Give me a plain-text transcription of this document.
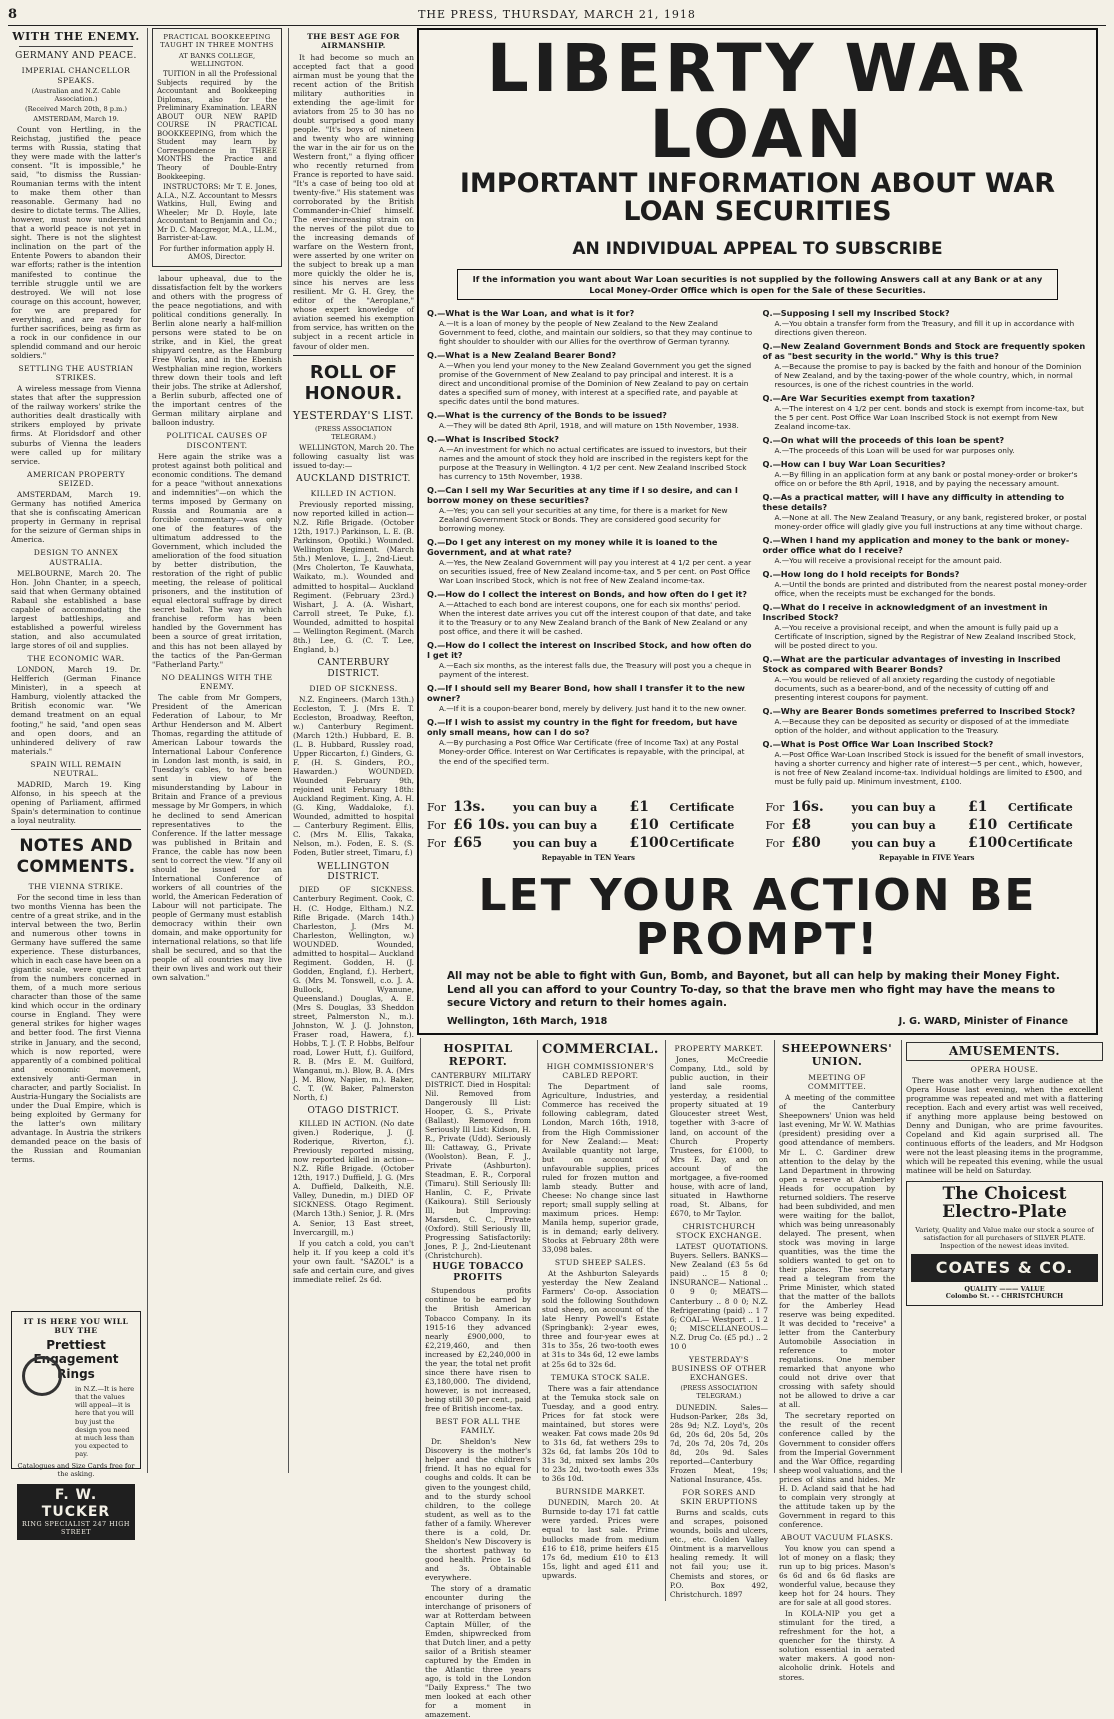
8	THE PRESS, THURSDAY, MARCH 21, 1918
WITH THE ENEMY.
GERMANY AND PEACE.
IMPERIAL CHANCELLOR SPEAKS.
(Australian and N.Z. Cable Association.)
(Received March 20th, 8 p.m.)
AMSTERDAM, March 19.

Count von Hertling, in the Reichstag, justified the peace terms with Russia, stating that they were made with the latter's consent. "It is impossible," he said, "to dismiss the Russian-Roumanian terms with the intent to make them other than reasonable. Germany had no desire to dictate terms. The Allies, however, must now understand that a world peace is not yet in sight. There is not the slightest inclination on the part of the Entente Powers to abandon their war efforts; rather is the intention manifested to continue the terrible struggle until we are destroyed. We will not lose courage on this account, however, for we are prepared for everything, and are ready for further sacrifices, being as firm as a rock in our confidence in our splendid command and our heroic soldiers."

SETTLING THE AUSTRIAN STRIKES.

A wireless message from Vienna states that after the suppression of the railway workers' strike the authorities dealt drastically with strikers employed by private firms. At Floridsdorf and other suburbs of Vienna the leaders were called up for military service.

AMERICAN PROPERTY SEIZED.

AMSTERDAM, March 19. Germany has notified America that she is confiscating American property in Germany in reprisal for the seizure of German ships in America.

DESIGN TO ANNEX AUSTRALIA.

MELBOURNE, March 20. The Hon. John Chanter, in a speech, said that when Germany obtained Rabaul she established a base capable of accommodating the largest battleships, and established a powerful wireless station, and also accumulated large stores of oil and supplies.

THE ECONOMIC WAR.

LONDON, March 19. Dr. Helfferich (German Finance Minister), in a speech at Hamburg, violently attacked the British economic war. "We demand treatment on an equal footing," he said, "and open seas and open doors, and an unhindered delivery of raw materials."

SPAIN WILL REMAIN NEUTRAL.

MADRID, March 19. King Alfonso, in his speech at the opening of Parliament, affirmed Spain's determination to continue a loyal neutrality.

NOTES AND COMMENTS.
THE VIENNA STRIKE.

For the second time in less than two months Vienna has been the centre of a great strike, and in the interval between the two, Berlin and numerous other towns in Germany have suffered the same experience. These disturbances, which in each case have been on a gigantic scale, were quite apart from the numbers concerned in them, of a much more serious character than those of the same kind which occur in the ordinary course in England. They were general strikes for higher wages and better food. The first Vienna strike in January, and the second, which is now reported, were apparently of a combined political and economic movement, extensively anti-German in character, and partly Socialist. In Austria-Hungary the Socialists are under the Dual Empire, which is being exploited by Germany for the latter's own military advantage. In Austria the strikers demanded peace on the basis of the Russian and Roumanian terms.

IT IS HERE YOU WILL BUY THE
Prettiest Engagement Rings
in N.Z.—It is here that the values will appeal—it is here that you will buy just the design you need at much less than you expected to pay.
Catalogues and Size Cards free for the asking.
F. W. TUCKER
RING SPECIALIST 247 HIGH STREET
PRACTICAL BOOKKEEPING TAUGHT IN THREE MONTHS
AT BANKS COLLEGE, WELLINGTON.

TUITION in all the Professional Subjects required by the Accountant and Bookkeeping Diplomas, also for the Preliminary Examination. LEARN ABOUT OUR NEW RAPID COURSE IN PRACTICAL BOOKKEEPING, from which the Student may learn by Correspondence in THREE MONTHS the Practice and Theory of Double-Entry Bookkeeping.

INSTRUCTORS: Mr T. E. Jones, A.I.A., N.Z. Accountant to Messrs Watkins, Hull, Ewing and Wheeler; Mr D. Hoyle, late Accountant to Benjamin and Co.; Mr D. C. Macgregor, M.A., LL.M., Barrister-at-Law.

For further information apply H. AMOS, Director.

labour upheaval, due to the dissatisfaction felt by the workers and others with the progress of the peace negotiations, and with political conditions generally. In Berlin alone nearly a half-million persons were stated to be on strike, and in Kiel, the great shipyard centre, as the Hamburg Free Works, and in the Ebenish Westphalian mine region, workers threw down their tools and left their jobs. The strike at Adlershof, a Berlin suburb, affected one of the important centres of the German military airplane and balloon industry.

POLITICAL CAUSES OF DISCONTENT.

Here again the strike was a protest against both political and economic conditions. The demand for a peace "without annexations and indemnities"—on which the terms imposed by Germany on Russia and Roumania are a forcible commentary—was only one of the features of the ultimatum addressed to the Government, which included the amelioration of the food situation by better distribution, the restoration of the right of public meeting, the release of political prisoners, and the institution of equal electoral suffrage by direct secret ballot. The way in which franchise reform has been handled by the Government has been a source of great irritation, and this has not been allayed by the tactics of the Pan-German "Fatherland Party."

NO DEALINGS WITH THE ENEMY.

The cable from Mr Gompers, President of the American Federation of Labour, to Mr Arthur Henderson and M. Albert Thomas, regarding the attitude of American Labour towards the International Labour Conference in London last month, is said, in Tuesday's cables, to have been sent in view of the misunderstanding by Labour in Britain and France of a previous message by Mr Gompers, in which he declined to send American representatives to the Conference. If the latter message was published in Britain and France, the cable has now been sent to correct the view. "If any oil should be issued for an International Conference of workers of all countries of the world, the American Federation of Labour will not participate. The people of Germany must establish democracy within their own domain, and make opportunity for international relations, so that life shall be secured, and so that the people of all countries may live their own lives and work out their own salvation."

THE BEST AGE FOR AIRMANSHIP.

It had become so much an accepted fact that a good airman must be young that the recent action of the British military authorities in extending the age-limit for aviators from 25 to 30 has no doubt surprised a good many people. "It's boys of nineteen and twenty who are winning the war in the air for us on the Western front," a flying officer who recently returned from France is reported to have said. "It's a case of being too old at twenty-five." His statement was corroborated by the British Commander-in-Chief himself. The ever-increasing strain on the nerves of the pilot due to the increasing demands of warfare on the Western front, were asserted by one writer on the subject to break up a man more quickly the older he is, since his nerves are less resilient. Mr G. H. Grey, the editor of the "Aeroplane," whose expert knowledge of aviation seemed his exemption from service, has written on the subject in a recent article in favour of older men.

ROLL OF HONOUR.
YESTERDAY'S LIST.
(PRESS ASSOCIATION TELEGRAM.)

WELLINGTON, March 20. The following casualty list was issued to-day:—

AUCKLAND DISTRICT.
KILLED IN ACTION.

Previously reported missing, now reported killed in action— N.Z. Rifle Brigade. (October 12th, 1917.) Parkinson, L. E. (B. Parkinson, Opotiki.) Wounded. Wellington Regiment. (March 5th.) Menlove, L. J., 2nd-Lieut. (Mrs Cholerton, Te Kauwhata, Waikato, m.). Wounded and admitted to hospital— Auckland Regiment. (February 23rd.) Wishart, J. A. (A. Wishart, Carroll street, Te Puke, f.). Wounded, admitted to hospital— Wellington Regiment. (March 8th.) Lee, G. (C. T. Lee, England, b.)

CANTERBURY DISTRICT.
DIED OF SICKNESS.

N.Z. Engineers. (March 13th.) Eccleston, T. J. (Mrs E. T. Eccleston, Broadway, Reefton, w.) Canterbury Regiment. (March 12th.) Hubbard, E. B. (L. B. Hubbard, Russley road, Upper Riccarton, f.) Ginders, G. F. (H. S. Ginders, P.O., Hawarden.) WOUNDED. Wounded February 9th, rejoined unit February 18th: Auckland Regiment. King, A. H. (G. King, Waddaloke, f.). Wounded, admitted to hospital— Canterbury Regiment. Ellis, C. (Mrs M. Ellis, Takaka, Nelson, m.). Foden, E. S. (S. Foden, Butler street, Timaru, f.)

WELLINGTON DISTRICT.

DIED OF SICKNESS. Canterbury Regiment. Cook, C. H. (C. Hodge, Eltham.) N.Z. Rifle Brigade. (March 14th.) Charleston, J. (Mrs M. Charleston, Wellington, w.) WOUNDED. Wounded, admitted to hospital— Auckland Regiment. Godden, H. (J. Godden, England, f.). Herbert, G. (Mrs M. Tonswell, c.o. J. A. Bullock, Wyanune, Queensland.) Douglas, A. E. (Mrs S. Douglas, 33 Sheddon street, Palmerston N., m.). Johnston, W. J. (J. Johnston, Fraser road, Hawera, f.). Hobbs, T. J. (T. P. Hobbs, Belfour road, Lower Hutt, f.). Guilford, R. B. (Mrs E. M. Guilford, Wanganui, m.). Blow, B. A. (Mrs J. M. Blow, Napier, m.). Baker, C. T. (W. Baker, Palmerston North, f.)

OTAGO DISTRICT.

KILLED IN ACTION. (No date given.) Roderique, J. (J. Roderique, Riverton, f.). Previously reported missing, now reported killed in action— N.Z. Rifle Brigade. (October 12th, 1917.) Duffield, J. G. (Mrs A. Duffield, Dalkeith, N.E. Valley, Dunedin, m.) DIED OF SICKNESS. Otago Regiment. (March 13th.) Senior, J. R. (Mrs A. Senior, 13 East street, Invercargill, m.)

If you catch a cold, you can't help it. If you keep a cold it's your own fault. "SAZOL" is a safe and certain cure, and gives immediate relief. 2s 6d.

HOSPITAL REPORT.

CANTERBURY MILITARY DISTRICT. Died in Hospital: Nil. Removed from Dangerously Ill List: Hooper, G. S., Private (Ballast). Removed from Seriously Ill List: Kidson, H. R., Private (Udd). Seriously Ill: Cattaway, G., Private (Woolston). Bean, F. J., Private (Ashburton). Steadman, E. R., Corporal (Timaru). Still Seriously Ill: Hanlin, C. F., Private (Kaikoura). Still Seriously Ill, but Improving: Marsden, C. C., Private (Oxford). Still Seriously Ill, Progressing Satisfactorily: Jones, P. J., 2nd-Lieutenant (Christchurch).

HUGE TOBACCO PROFITS

Stupendous profits continue to be earned by the British American Tobacco Company. In its 1915-16 they advanced nearly £900,000, to £2,219,460, and then increased by £2,240,000 in the year, the total net profit since there have risen to £3,180,000. The dividend, however, is not increased, being still 30 per cent., paid free of British income-tax.

BEST FOR ALL THE FAMILY.

Dr. Sheldon's New Discovery is the mother's helper and the children's friend. It has no equal for coughs and colds. It can be given to the youngest child, and to the sturdy school children, to the college student, as well as to the father of a family. Wherever there is a cold, Dr. Sheldon's New Discovery is the shortest pathway to good health. Price 1s 6d and 3s. Obtainable everywhere.

The story of a dramatic encounter during the interchange of prisoners of war at Rotterdam between Captain Müller, of the Emden, shipwrecked from that Dutch liner, and a petty sailor of a British steamer captured by the Emden in the Atlantic three years ago, is told in the London "Daily Express." The two men looked at each other for a moment in amazement.

COMMERCIAL.
HIGH COMMISSIONER'S CABLED REPORT.

The Department of Agriculture, Industries, and Commerce has received the following cablegram, dated London, March 16th, 1918, from the High Commissioner for New Zealand:— Meat: Available quantity not large, but on account of unfavourable supplies, prices ruled for frozen mutton and lamb steady. Butter and Cheese: No change since last report; small supply selling at maximum prices. Hemp: Manila hemp, superior grade, is in demand; early delivery. Stocks at February 28th were 33,098 bales.

STUD SHEEP SALES.

At the Ashburton Saleyards yesterday the New Zealand Farmers' Co-op. Association sold the following Southdown stud sheep, on account of the late Henry Powell's Estate (Springbank): 2-year ewes, three and four-year ewes at 31s to 35s, 26 two-tooth ewes at 31s to 34s 6d, 12 ewe lambs at 25s 6d to 32s 6d.

TEMUKA STOCK SALE.

There was a fair attendance at the Temuka stock sale on Tuesday, and a good entry. Prices for fat stock were maintained, but stores were weaker. Fat cows made 20s 9d to 31s 6d, fat wethers 29s to 32s 6d, fat lambs 20s 10d to 31s 3d, mixed sex lambs 20s to 23s 2d, two-tooth ewes 33s to 36s 10d.

BURNSIDE MARKET.

DUNEDIN, March 20. At Burnside to-day 171 fat cattle were yarded. Prices were equal to last sale. Prime bullocks made from medium £16 to £18, prime heifers £15 17s 6d, medium £10 to £13 15s, light and aged £11 and upwards.

PROPERTY MARKET.

Jones, McCreedie Company, Ltd., sold by public auction, in their land sale rooms, yesterday, a residential property situated at 19 Gloucester street West, together with 3-acre of land, on account of the Church Property Trustees, for £1000, to Mrs E. Day, and on account of the mortgagee, a five-roomed house, with acre of land, situated in Hawthorne road, St. Albans, for £670, to Mr Taylor.

CHRISTCHURCH STOCK EXCHANGE.

LATEST QUOTATIONS. Buyers. Sellers. BANKS— New Zealand (£3 5s 6d paid) .. 15 8 0; INSURANCE— National .. 0 9 0; MEATS— Canterbury .. 8 0 0; N.Z. Refrigerating (paid) .. 1 7 6; COAL— Westport .. 1 2 0; MISCELLANEOUS— N.Z. Drug Co. (£5 pd.) .. 2 10 0

YESTERDAY'S BUSINESS OF OTHER EXCHANGES.
(PRESS ASSOCIATION TELEGRAM.)

DUNEDIN. Sales—Hudson-Parker, 28s 3d, 28s 9d; N.Z. Loyd's, 20s 6d, 20s 6d, 20s 5d, 20s 7d, 20s 7d, 20s 7d, 20s 8d, 20s 9d. Sales reported—Canterbury Frozen Meat, 19s; National Insurance, 45s.

FOR SORES AND SKIN ERUPTIONS

Burns and scalds, cuts and scrapes, poisoned wounds, boils and ulcers, etc., etc. Golden Valley Ointment is a marvellous healing remedy. It will not fail you; use it. Chemists and stores, or P.O. Box 492, Christchurch. 1897

SHEEPOWNERS' UNION.
MEETING OF COMMITTEE.

A meeting of the committee of the Canterbury Sheepowners' Union was held last evening, Mr W. W. Mathias (president) presiding over a good attendance of members. Mr L. C. Gardiner drew attention to the delay by the Land Department in throwing open a reserve at Amberley Heads for occupation by returned soldiers. The reserve had been subdivided, and men were waiting for the ballot, which was being unreasonably delayed. The present, when stock was moving in large quantities, was the time the soldiers wanted to get on to their places. The secretary read a telegram from the Prime Minister, which stated that the matter of the ballots for the Amberley Head reserve was being expedited. It was decided to "receive" a letter from the Canterbury Automobile Association in reference to motor regulations. One member remarked that anyone who could not drive over that crossing with safety should not be allowed to drive a car at all.

The secretary reported on the result of the recent conference called by the Government to consider offers from the Imperial Government and the War Office, regarding sheep wool valuations, and the prices of skins and hides. Mr H. D. Acland said that he had to complain very strongly at the attitude taken up by the Government in regard to this conference.

ABOUT VACUUM FLASKS.

You know you can spend a lot of money on a flask; they run up to big prices. Mason's 6s 6d and 6s 6d flasks are wonderful value, because they keep hot for 24 hours. They are for sale at all good stores.

In KOLA-NIP you get a stimulant for the tired, a refreshment for the hot, a quencher for the thirsty. A solution essential in aerated water makers. A good non-alcoholic drink. Hotels and stores.

AMUSEMENTS.
OPERA HOUSE.

There was another very large audience at the Opera House last evening, when the excellent programme was repeated and met with a flattering reception. Each and every artist was well received, if anything more applause being bestowed on Denny and Dunigan, who are prime favourites. Copeland and Kid again surprised all. The continuous efforts of the leaders, and Mr Hodgson were not the least pleasing items in the programme, which will be repeated this evening, while the usual matinee will be held on Saturday.

The Choicest Electro-Plate
Variety, Quality and Value make our stock a source of satisfaction for all purchasers of SILVER PLATE. Inspection of the newest ideas invited.
COATES & CO.
QUALITY ——— VALUE
Colombo St. - - CHRISTCHURCH
LIBERTY WAR LOAN
IMPORTANT INFORMATION ABOUT WAR LOAN SECURITIES
AN INDIVIDUAL APPEAL TO SUBSCRIBE
If the information you want about War Loan securities is not supplied by the following Answers call at any Bank or at any Local Money-Order Office which is open for the Sale of these Securities.
Q.—What is the War Loan, and what is it for?
A.—It is a loan of money by the people of New Zealand to the New Zealand Government to feed, clothe, and maintain our soldiers, so that they may continue to fight shoulder to shoulder with our Allies for the overthrow of German tyranny.
Q.—What is a New Zealand Bearer Bond?
A.—When you lend your money to the New Zealand Government you get the signed promise of the Government of New Zealand to pay principal and interest. It is a direct and unconditional promise of the Dominion of New Zealand to pay on certain dates a specified sum of money, with interest at a specified rate, and payable at specific dates until the bond matures.
Q.—What is the currency of the Bonds to be issued?
A.—They will be dated 8th April, 1918, and will mature on 15th November, 1938.
Q.—What is Inscribed Stock?
A.—An investment for which no actual certificates are issued to investors, but their names and the amount of stock they hold are inscribed in the registers kept for the purpose at the Treasury in Wellington. 4 1/2 per cent. New Zealand Inscribed Stock has currency to 15th November, 1938.
Q.—Can I sell my War Securities at any time if I so desire, and can I borrow money on these securities?
A.—Yes; you can sell your securities at any time, for there is a market for New Zealand Government Stock or Bonds. They are considered good security for borrowing money.
Q.—Do I get any interest on my money while it is loaned to the Government, and at what rate?
A.—Yes, the New Zealand Government will pay you interest at 4 1/2 per cent. a year on securities issued, free of New Zealand income-tax, and 5 per cent. on Post Office War Loan Inscribed Stock, which is not free of New Zealand income-tax.
Q.—How do I collect the interest on Bonds, and how often do I get it?
A.—Attached to each bond are interest coupons, one for each six months' period. When the interest date arrives you cut off the interest coupon of that date, and take it to the Treasury or to any New Zealand branch of the Bank of New Zealand or any post office, and there it will be cashed.
Q.—How do I collect the interest on Inscribed Stock, and how often do I get it?
A.—Each six months, as the interest falls due, the Treasury will post you a cheque in payment of the interest.
Q.—If I should sell my Bearer Bond, how shall I transfer it to the new owner?
A.—If it is a coupon-bearer bond, merely by delivery. Just hand it to the new owner.
Q.—If I wish to assist my country in the fight for freedom, but have only small means, how can I do so?
A.—By purchasing a Post Office War Certificate (free of Income Tax) at any Postal Money-order Office. Interest on War Certificates is repayable, with the principal, at the end of the specified term.
Q.—Supposing I sell my Inscribed Stock?
A.—You obtain a transfer form from the Treasury, and fill it up in accordance with directions given thereon.
Q.—New Zealand Government Bonds and Stock are frequently spoken of as "best security in the world." Why is this true?
A.—Because the promise to pay is backed by the faith and honour of the Dominion of New Zealand, and by the taxing-power of the whole country, which, in normal resources, is one of the richest countries in the world.
Q.—Are War Securities exempt from taxation?
A.—The interest on 4 1/2 per cent. bonds and stock is exempt from income-tax, but the 5 per cent. Post Office War Loan Inscribed Stock is not exempt from New Zealand income-tax.
Q.—On what will the proceeds of this loan be spent?
A.—The proceeds of this Loan will be used for war purposes only.
Q.—How can I buy War Loan Securities?
A.—By filling in an application form at any bank or postal money-order or broker's office on or before the 8th April, 1918, and by paying the necessary amount.
Q.—As a practical matter, will I have any difficulty in attending to these details?
A.—None at all. The New Zealand Treasury, or any bank, registered broker, or postal money-order office will gladly give you full instructions at any time without charge.
Q.—When I hand my application and money to the bank or money-order office what do I receive?
A.—You will receive a provisional receipt for the amount paid.
Q.—How long do I hold receipts for Bonds?
A.—Until the bonds are printed and distributed from the nearest postal money-order office, when the receipts must be exchanged for the bonds.
Q.—What do I receive in acknowledgment of an investment in Inscribed Stock?
A.—You receive a provisional receipt, and when the amount is fully paid up a Certificate of Inscription, signed by the Registrar of New Zealand Inscribed Stock, will be posted direct to you.
Q.—What are the particular advantages of investing in Inscribed Stock as compared with Bearer Bonds?
A.—You would be relieved of all anxiety regarding the custody of negotiable documents, such as a bearer-bond, and of the necessity of cutting off and presenting interest coupons for payment.
Q.—Why are Bearer Bonds sometimes preferred to Inscribed Stock?
A.—Because they can be deposited as security or disposed of at the immediate option of the holder, and without application to the Treasury.
Q.—What is Post Office War Loan Inscribed Stock?
A.—Post Office War-Loan Inscribed Stock is issued for the benefit of small investors, having a shorter currency and higher rate of interest—5 per cent., which, however, is not free of New Zealand income-tax. Individual holdings are limited to £500, and must be fully paid up. Minimum investment, £100.
For 13s.	you can buy a	£1	Certificate
For £6 10s. you can buy a	£10 Certificate
For £65	you can buy a	£100 Certificate
Repayable in TEN Years
For 16s.	you can buy a	£1	Certificate
For £8	you can buy a	£10 Certificate
For £80	you can buy a	£100 Certificate
Repayable in FIVE Years
LET YOUR ACTION BE PROMPT!
All may not be able to fight with Gun, Bomb, and Bayonet, but all can help by making their Money Fight. Lend all you can afford to your Country To-day, so that the brave men who fight may have the means to secure Victory and return to their homes again.
Wellington, 16th March, 1918	J. G. WARD, Minister of Finance
